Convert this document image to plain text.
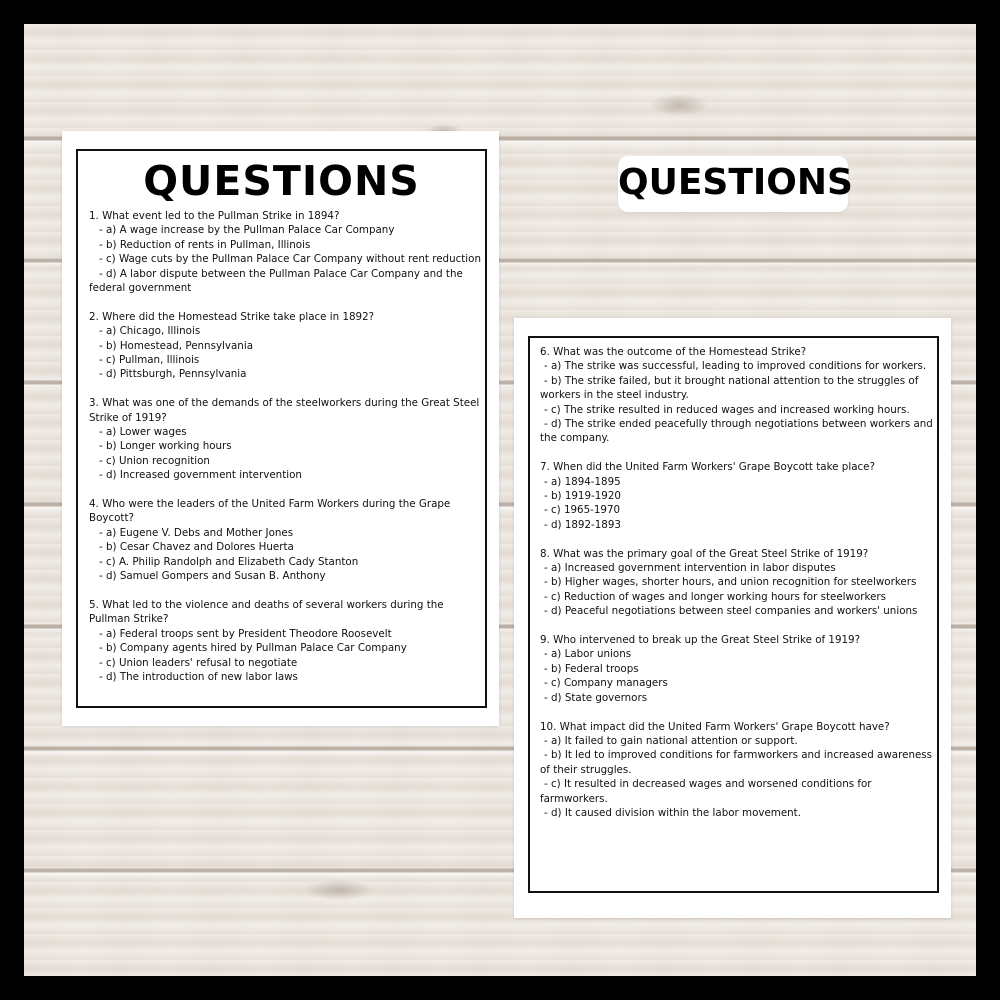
QUESTIONS

1. What event led to the Pullman Strike in 1894?

- a) A wage increase by the Pullman Palace Car Company

- b) Reduction of rents in Pullman, Illinois

- c) Wage cuts by the Pullman Palace Car Company without rent reduction

- d) A labor dispute between the Pullman Palace Car Company and the federal government

2. Where did the Homestead Strike take place in 1892?

- a) Chicago, Illinois

- b) Homestead, Pennsylvania

- c) Pullman, Illinois

- d) Pittsburgh, Pennsylvania

3. What was one of the demands of the steelworkers during the Great Steel Strike of 1919?

- a) Lower wages

- b) Longer working hours

- c) Union recognition

- d) Increased government intervention

4. Who were the leaders of the United Farm Workers during the Grape Boycott?

- a) Eugene V. Debs and Mother Jones

- b) Cesar Chavez and Dolores Huerta

- c) A. Philip Randolph and Elizabeth Cady Stanton

- d) Samuel Gompers and Susan B. Anthony

5. What led to the violence and deaths of several workers during the Pullman Strike?

- a) Federal troops sent by President Theodore Roosevelt

- b) Company agents hired by Pullman Palace Car Company

- c) Union leaders' refusal to negotiate

- d) The introduction of new labor laws

QUESTIONS

6. What was the outcome of the Homestead Strike?

- a) The strike was successful, leading to improved conditions for workers.

- b) The strike failed, but it brought national attention to the struggles of workers in the steel industry.

- c) The strike resulted in reduced wages and increased working hours.

- d) The strike ended peacefully through negotiations between workers and the company.

7. When did the United Farm Workers' Grape Boycott take place?

- a) 1894-1895

- b) 1919-1920

- c) 1965-1970

- d) 1892-1893

8. What was the primary goal of the Great Steel Strike of 1919?

- a) Increased government intervention in labor disputes

- b) Higher wages, shorter hours, and union recognition for steelworkers

- c) Reduction of wages and longer working hours for steelworkers

- d) Peaceful negotiations between steel companies and workers' unions

9. Who intervened to break up the Great Steel Strike of 1919?

- a) Labor unions

- b) Federal troops

- c) Company managers

- d) State governors

10. What impact did the United Farm Workers' Grape Boycott have?

- a) It failed to gain national attention or support.

- b) It led to improved conditions for farmworkers and increased awareness of their struggles.

- c) It resulted in decreased wages and worsened conditions for farmworkers.

- d) It caused division within the labor movement.
